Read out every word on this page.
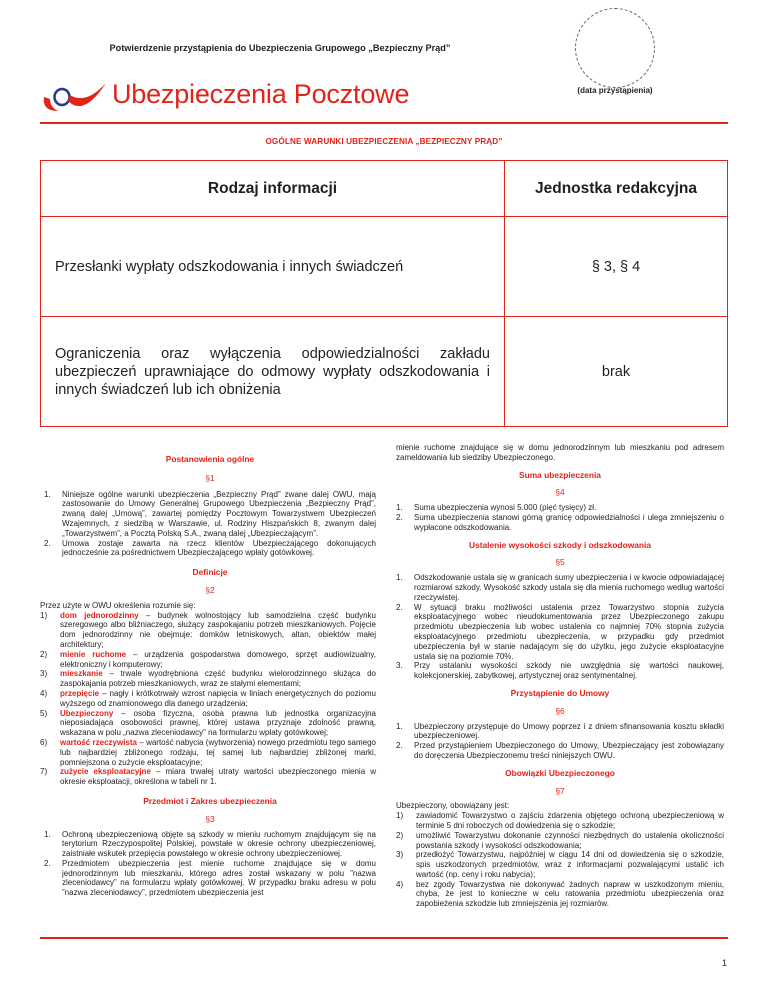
Potwierdzenie przystąpienia do Ubezpieczenia Grupowego „Bezpieczny Prąd”
(data przystąpienia)
Ubezpieczenia Pocztowe
OGÓLNE WARUNKI UBEZPIECZENIA „BEZPIECZNY PRĄD”
Rodzaj informacji	Jednostka redakcyjna
Przesłanki wypłaty odszkodowania i innych świadczeń	§ 3, § 4
Ograniczenia oraz wyłączenia odpowiedzialności zakładu ubezpieczeń uprawniające do odmowy wypłaty odszkodowania i innych świadczeń lub ich obniżenia	brak
Postanowienia ogólne
§1
1.	Niniejsze ogólne warunki ubezpieczenia „Bezpieczny Prąd” zwane dalej OWU, mają zastosowanie do Umowy Generalnej Grupowego Ubezpieczenia „Bezpieczny Prąd”, zwaną dalej „Umową”, zawartej pomiędzy Pocztowym Towarzystwem Ubezpieczeń Wzajemnych, z siedzibą w Warszawie, ul. Rodziny Hiszpańskich 8, zwanym dalej „Towarzystwem”, a Pocztą Polską S.A., zwaną dalej „Ubezpieczającym”.
2.	Umowa zostaje zawarta na rzecz klientów Ubezpieczającego dokonujących jednocześnie za pośrednictwem Ubezpieczającego wpłaty gotówkowej.
Definicje
§2
Przez użyte w OWU określenia rozumie się:
1)	dom jednorodzinny – budynek wolnostojący lub samodzielna część budynku szeregowego albo bliźniaczego, służący zaspokajaniu potrzeb mieszkaniowych. Pojęcie dom jednorodzinny nie obejmuje: domków letniskowych, altan, obiektów małej architektury;
2)	mienie ruchome – urządzenia gospodarstwa domowego, sprzęt audiowizualny, elektroniczny i komputerowy;
3)	mieszkanie – trwale wyodrębniona część budynku wielorodzinnego służąca do zaspokajania potrzeb mieszkaniowych, wraz ze stałymi elementami;
4)	przepięcie – nagły i krótkotrwały wzrost napięcia w liniach energetycznych do poziomu wyższego od znamionowego dla danego urządzenia;
5)	Ubezpieczony – osoba fizyczna, osoba prawna lub jednostka organizacyjna nieposiadająca osobowości prawnej, której ustawa przyznaje zdolność prawną, wskazana w polu „nazwa zleceniodawcy” na formularzu wpłaty gotówkowej;
6)	wartość rzeczywista – wartość nabycia (wytworzenia) nowego przedmiotu tego samego lub najbardziej zbliżonego rodzaju, tej samej lub najbardziej zbliżonej marki, pomniejszona o zużycie eksploatacyjne;
7)	zużycie eksploatacyjne – miara trwałej utraty wartości ubezpieczonego mienia w okresie eksploatacji, określona w tabeli nr 1.
Przedmiot i Zakres ubezpieczenia
§3
1.	Ochroną ubezpieczeniową objęte są szkody w mieniu ruchomym znajdującym się na terytorium Rzeczypospolitej Polskiej, powstałe w okresie ochrony ubezpieczeniowej, zaistniałe wskutek przepięcia powstałego w okresie ochrony ubezpieczeniowej.
2.	Przedmiotem ubezpieczenia jest mienie ruchome znajdujące się w domu jednorodzinnym lub mieszkaniu, którego adres został wskazany w polu ”nazwa zleceniodawcy” na formularzu wpłaty gotówkowej. W przypadku braku adresu w polu ”nazwa zleceniodawcy”, przedmiotem ubezpieczenia jest
mienie ruchome znajdujące się w domu jednorodzinnym lub mieszkaniu pod adresem zameldowania lub siedziby Ubezpieczonego.
Suma ubezpieczenia
§4
1.	Suma ubezpieczenia wynosi 5.000 (pięć tysięcy) zł.
2.	Suma ubezpieczenia stanowi górną granicę odpowiedzialności i ulega zmniejszeniu o wypłacone odszkodowania.
Ustalenie wysokości szkody i odszkodowania
§5
1.	Odszkodowanie ustala się w granicach sumy ubezpieczenia i w kwocie odpowiadającej rozmiarowi szkody. Wysokość szkody ustala się dla mienia ruchomego według wartości rzeczywistej.
2.	W sytuacji braku możliwości ustalenia przez Towarzystwo stopnia zużycia eksploatacyjnego wobec nieudokumentowania przez Ubezpieczonego zakupu przedmiotu ubezpieczenia lub wobec ustalenia co najmniej 70% stopnia zużycia eksploatacyjnego przedmiotu ubezpieczenia, w przypadku gdy przedmiot ubezpieczenia był w stanie nadającym się do użytku, jego zużycie eksploatacyjne ustala się na poziomie 70%.
3.	Przy ustalaniu wysokości szkody nie uwzględnia się wartości naukowej, kolekcjonerskiej, zabytkowej, artystycznej oraz sentymentalnej.
Przystąpienie do Umowy
§6
1.	Ubezpieczony przystępuje do Umowy poprzez i z dniem sfinansowania kosztu składki ubezpieczeniowej.
2.	Przed przystąpieniem Ubezpieczonego do Umowy, Ubezpieczający jest zobowiązany do doręczenia Ubezpieczonemu treści niniejszych OWU.
Obowiązki Ubezpieczonego
§7
Ubezpieczony, obowiązany jest:
1)	zawiadomić Towarzystwo o zajściu zdarzenia objętego ochroną ubezpieczeniową w terminie 5 dni roboczych od dowiedzenia się o szkodzie;
2)	umożliwić Towarzystwu dokonanie czynności niezbędnych do ustalenia okoliczności powstania szkody i wysokości odszkodowania;
3)	przedłożyć Towarzystwu, najpóźniej w ciągu 14 dni od dowiedzenia się o szkodzie, spis uszkodzonych przedmiotów, wraz z informacjami pozwalającymi ustalić ich wartość (np. ceny i roku nabycia);
4)	bez zgody Towarzystwa nie dokonywać żadnych napraw w uszkodzonym mieniu, chyba, że jest to konieczne w celu ratowania przedmiotu ubezpieczenia oraz zapobieżenia szkodzie lub zmniejszenia jej rozmiarów.
1
